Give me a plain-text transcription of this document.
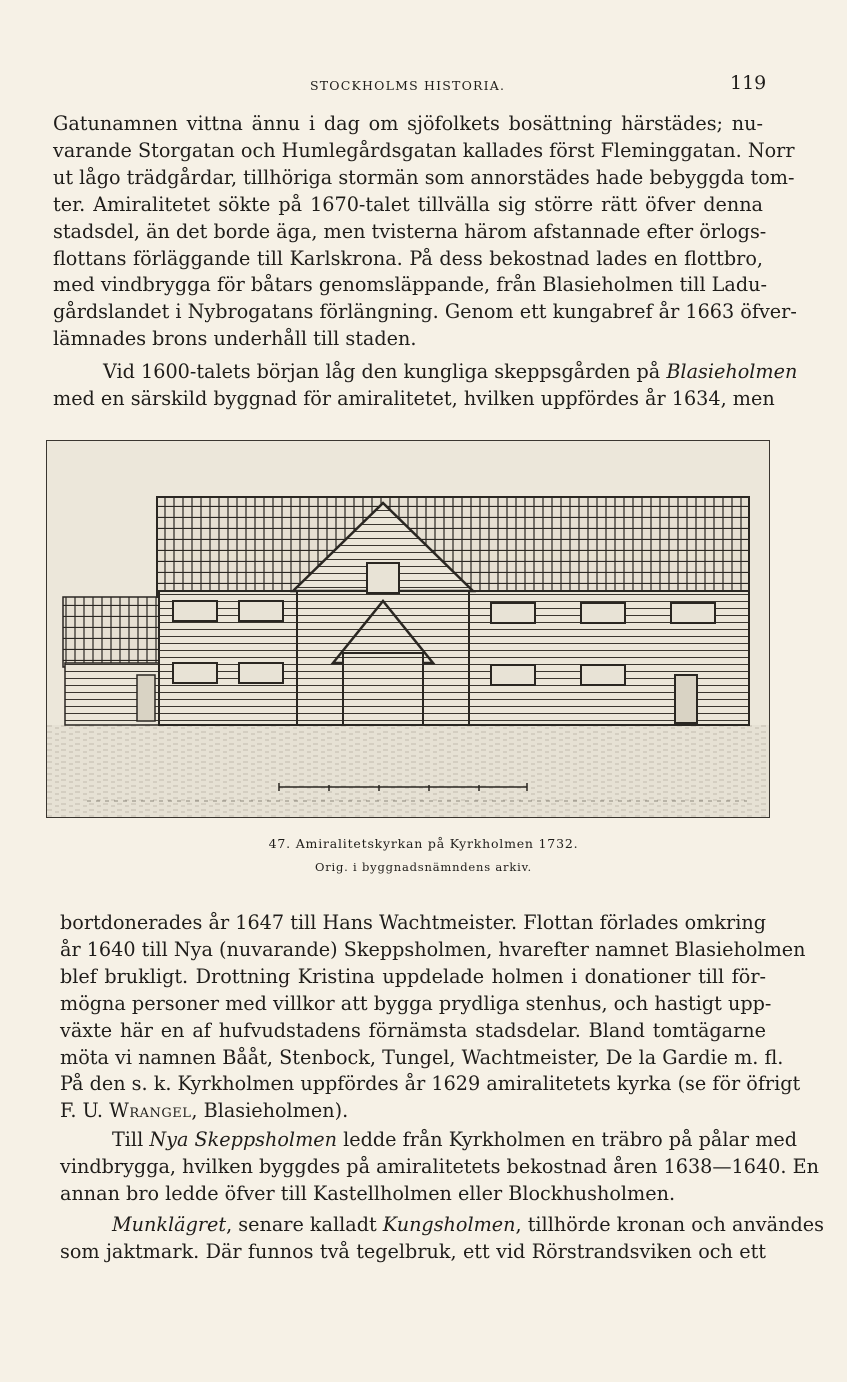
STOCKHOLMS HISTORIA.	119

Gatunamnen vittna ännu i dag om sjöfolkets bosättning härstädes; nu-
varande Storgatan och Humlegårdsgatan kallades först Fleminggatan. Norr
ut lågo trädgårdar, tillhöriga stormän som annorstädes hade bebyggda tom-
ter. Amiralitetet sökte på 1670-talet tillvälla sig större rätt öfver denna
stadsdel, än det borde äga, men tvisterna härom afstannade efter örlogs-
flottans förläggande till Karlskrona. På dess bekostnad lades en flottbro,
med vindbrygga för båtars genomsläppande, från Blasieholmen till Ladu-
gårdslandet i Nybrogatans förlängning. Genom ett kungabref år 1663 öfver-
lämnades brons underhåll till staden.

Vid 1600-talets början låg den kungliga skeppsgården på Blasieholmen
med en särskild byggnad för amiralitetet, hvilken uppfördes år 1634, men

47. Amiralitetskyrkan på Kyrkholmen 1732.
Orig. i byggnadsnämndens arkiv.

bortdonerades år 1647 till Hans Wachtmeister. Flottan förlades omkring
år 1640 till Nya (nuvarande) Skeppsholmen, hvarefter namnet Blasieholmen
blef brukligt. Drottning Kristina uppdelade holmen i donationer till för-
mögna personer med villkor att bygga prydliga stenhus, och hastigt upp-
växte här en af hufvudstadens förnämsta stadsdelar. Bland tomtägarne
möta vi namnen Bååt, Stenbock, Tungel, Wachtmeister, De la Gardie m. fl.
På den s. k. Kyrkholmen uppfördes år 1629 amiralitetets kyrka (se för öfrigt
F. U. Wrangel, Blasieholmen).

Till Nya Skeppsholmen ledde från Kyrkholmen en träbro på pålar med
vindbrygga, hvilken byggdes på amiralitetets bekostnad åren 1638—1640. En
annan bro ledde öfver till Kastellholmen eller Blockhusholmen.

Munklägret, senare kalladt Kungsholmen, tillhörde kronan och användes
som jaktmark. Där funnos två tegelbruk, ett vid Rörstrandsviken och ett
